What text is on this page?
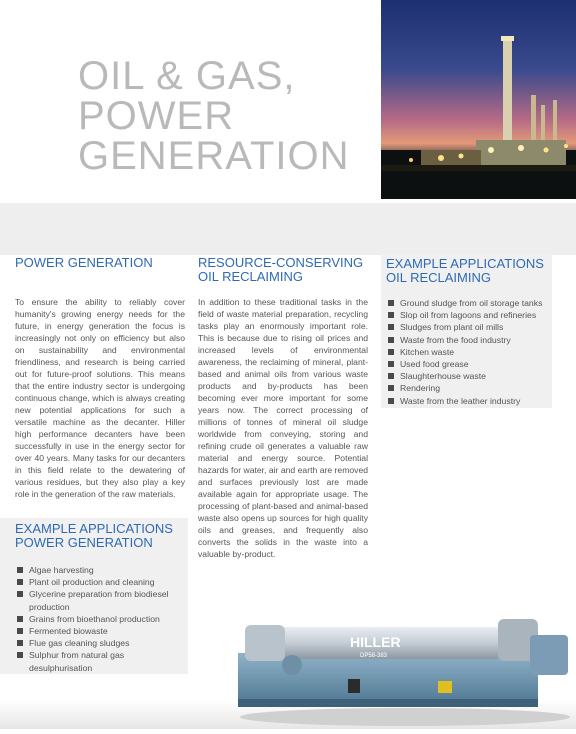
OIL & GAS,
POWER
GENERATION
POWER GENERATION

To ensure the ability to reliably cover humanity's growing energy needs for the future, in energy generation the focus is increasingly not only on efficiency but also on sustainability and environmental friendliness, and research is being carried out for future-proof solutions. This means that the entire industry sector is undergoing continuous change, which is always creating new potential applications for such a versatile machine as the decanter. Hiller high performance decanters have been successfully in use in the energy sector for over 40 years. Many tasks for our decanters in this field relate to the dewatering of various residues, but they also play a key role in the generation of the raw materials.

RESOURCE-CONSERVING
OIL RECLAIMING

In addition to these traditional tasks in the field of waste material preparation, recycling tasks play an enormously important role. This is because due to rising oil prices and increased levels of environmental awareness, the reclaiming of mineral, plant-based and animal oils from various waste products and by-products has been becoming ever more important for some years now. The correct processing of millions of tonnes of mineral oil sludge worldwide from conveying, storing and refining crude oil generates a valuable raw material and energy source. Potential hazards for water, air and earth are removed and surfaces previously lost are made available again for appropriate usage. The processing of plant-based and animal-based waste also opens up sources for high quality oils and greases, and frequently also converts the solids in the waste into a valuable by-product.

EXAMPLE APPLICATIONS
OIL RECLAIMING
Ground sludge from oil storage tanks
Slop oil from lagoons and refineries
Sludges from plant oil mills
Waste from the food industry
Kitchen waste
Used food grease
Slaughterhouse waste
Rendering
Waste from the leather industry
EXAMPLE APPLICATIONS
POWER GENERATION
Algae harvesting
Plant oil production and cleaning
Glycerine preparation from biodiesel production
Grains from bioethanol production
Fermented biowaste
Flue gas cleaning sludges
Sulphur from natural gas desulphurisation
HILLER
DP58-383
